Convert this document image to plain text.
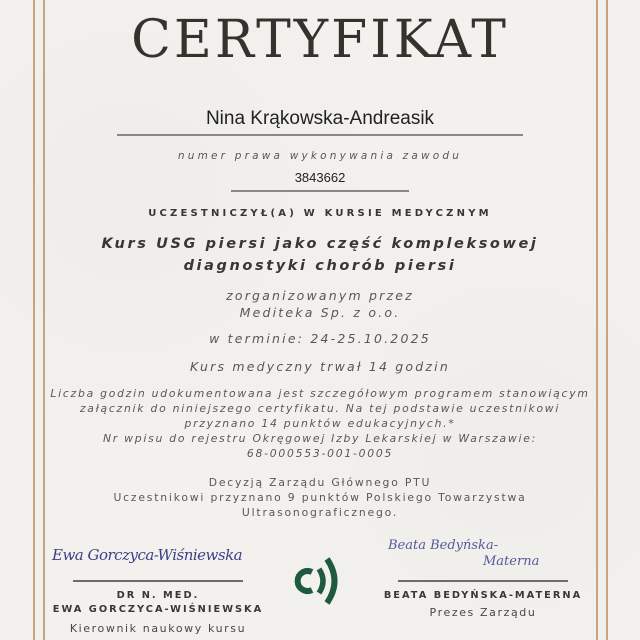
CERTYFIKAT
Nina Krąkowska-Andreasik
numer prawa wykonywania zawodu
3843662
UCZESTNICZYŁ(A) W KURSIE MEDYCZNYM
Kurs USG piersi jako część kompleksowej
diagnostyki chorób piersi
zorganizowanym przez
Mediteka Sp. z o.o.
w terminie: 24-25.10.2025
Kurs medyczny trwał 14 godzin
Liczba godzin udokumentowana jest szczegółowym programem stanowiącym
załącznik do niniejszego certyfikatu. Na tej podstawie uczestnikowi
przyznano 14 punktów edukacyjnych.*
Nr wpisu do rejestru Okręgowej Izby Lekarskiej w Warszawie:
68-000553-001-0005
Decyzją Zarządu Głównego PTU
Uczestnikowi przyznano 9 punktów Polskiego Towarzystwa
Ultrasonograficznego.
Ewa Gorczyca-Wiśniewska
DR N. MED.
EWA GORCZYCA-WIŚNIEWSKA
Kierownik naukowy kursu
Beata Bedyńska-
Materna
BEATA BEDYŃSKA-MATERNA
Prezes Zarządu
